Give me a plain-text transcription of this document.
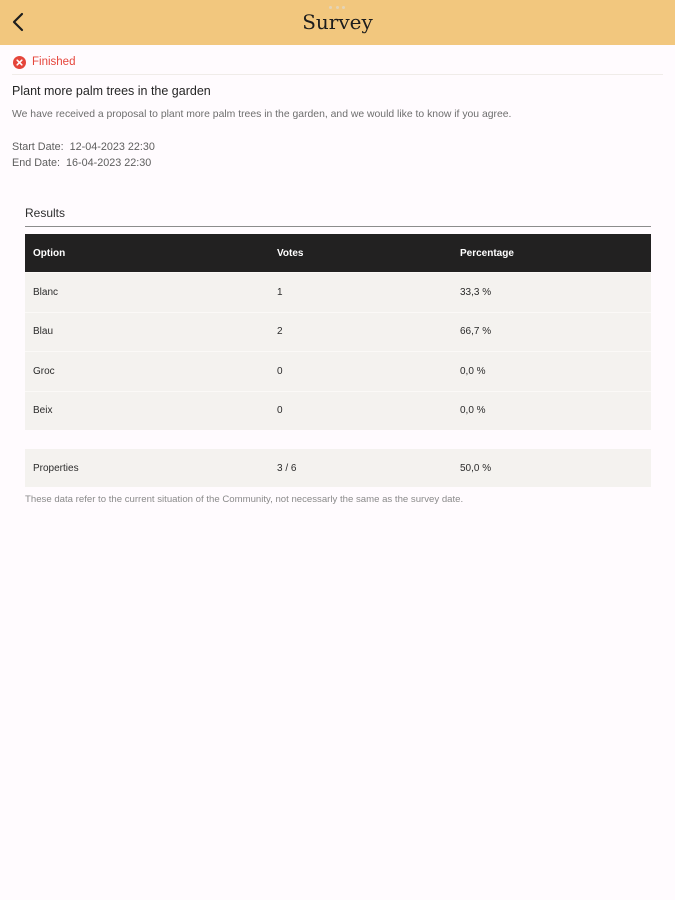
Survey
Finished
Plant more palm trees in the garden
We have received a proposal to plant more palm trees in the garden, and we would like to know if you agree.
Start Date: 12-04-2023 22:30
End Date: 16-04-2023 22:30
Results
Option	Votes	Percentage
Blanc	1	33,3 %
Blau	2	66,7 %
Groc	0	0,0 %
Beix	0	0,0 %
Properties	3 / 6	50,0 %
These data refer to the current situation of the Community, not necessarly the same as the survey date.
